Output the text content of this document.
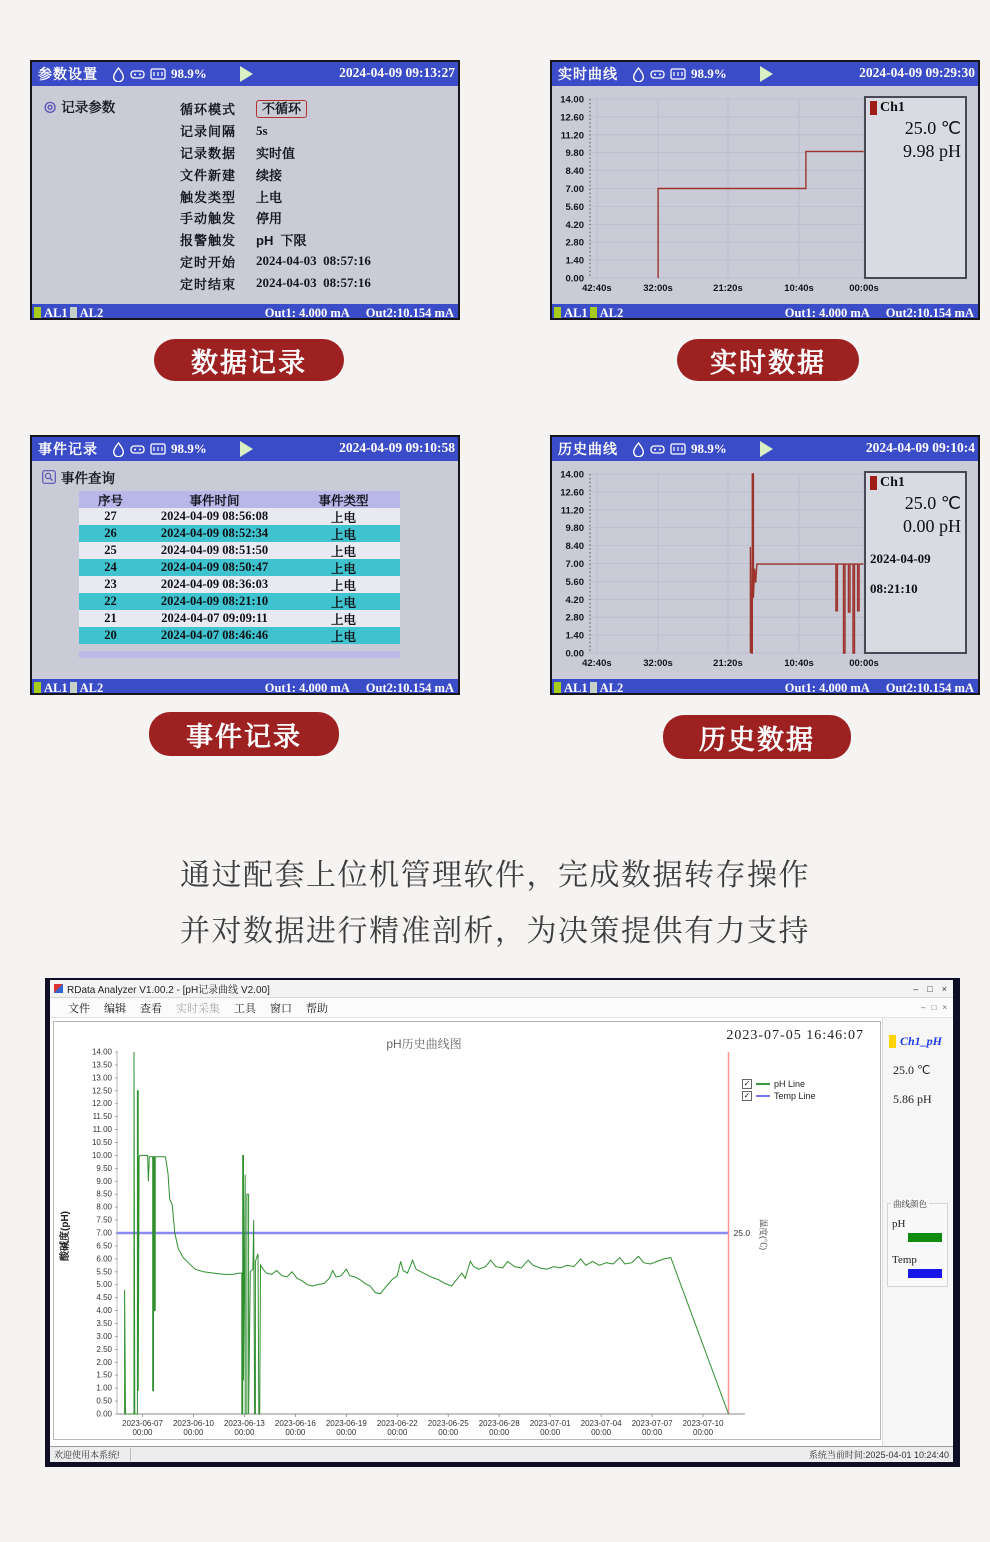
参数设置	98.9%	2024-04-09 09:13:27
◎ 记录参数	循环模式	不循环
记录间隔	5s
记录数据	实时值
文件新建	续接
触发类型	上电
手动触发	停用
报警触发	pH  下限
定时开始	2024-04-03  08:57:16
定时结束	2024-04-03  08:57:16
AL1 AL2	Out1: 4.000 mA Out2:10.154 mA
实时曲线	98.9%	2024-04-09 09:29:30
14.00
12.60
11.20
9.80
8.40
7.00
5.60
4.20
2.80
1.40
0.00
42:40s	32:00s	21:20s	10:40s	00:00s
Ch1
25.0 ℃
9.98 pH
AL1 AL2	Out1: 4.000 mA Out2:10.154 mA
事件记录	98.9%	2024-04-09 09:10:58
事件查询
序号	事件时间	事件类型
27	2024-04-09 08:56:08	上电
26	2024-04-09 08:52:34	上电
25	2024-04-09 08:51:50	上电
24	2024-04-09 08:50:47	上电
23	2024-04-09 08:36:03	上电
22	2024-04-09 08:21:10	上电
21	2024-04-07 09:09:11	上电
20	2024-04-07 08:46:46	上电
AL1 AL2	Out1: 4.000 mA Out2:10.154 mA
历史曲线	98.9%	2024-04-09 09:10:4
14.00
12.60
11.20
9.80
8.40
7.00
5.60
4.20
2.80
1.40
0.00
42:40s	32:00s	21:20s	10:40s	00:00s
Ch1
25.0 ℃
0.00 pH
2024-04-09
08:21:10
AL1 AL2	Out1: 4.000 mA Out2:10.154 mA
数据记录	实时数据
事件记录	历史数据
通过配套上位机管理软件，完成数据转存操作
并对数据进行精准剖析，为决策提供有力支持
RData Analyzer V1.00.2 - [pH记录曲线 V2.00]	– □ ×
文件 编辑 查看 实时采集 工具 窗口 帮助	– □ ×
pH历史曲线图
2023-07-05 16:46:07
14.00
13.50
13.00
12.50
12.00
11.50
11.00
10.50
10.00
9.50
9.00
8.50
8.00
7.50
7.00
6.50
6.00
5.50
5.00
4.50
4.00
3.50
3.00
2.50
2.00
1.50
1.00
0.50
0.00
2023-06-07
00:00
2023-06-10
00:00
2023-06-13
00:00
2023-06-16
00:00
2023-06-19
00:00
2023-06-22
00:00
2023-06-25
00:00
2023-06-28
00:00
2023-07-01
00:00
2023-07-04
00:00
2023-07-07
00:00
2023-07-10
00:00
25.0 温度(℃)
酸碱度(pH)
✓	pH Line
✓	Temp Line
Ch1_pH
25.0 ℃
5.86 pH
曲线颜色
pH
Temp
欢迎使用本系统!	系统当前时间:2025-04-01 10:24:40
